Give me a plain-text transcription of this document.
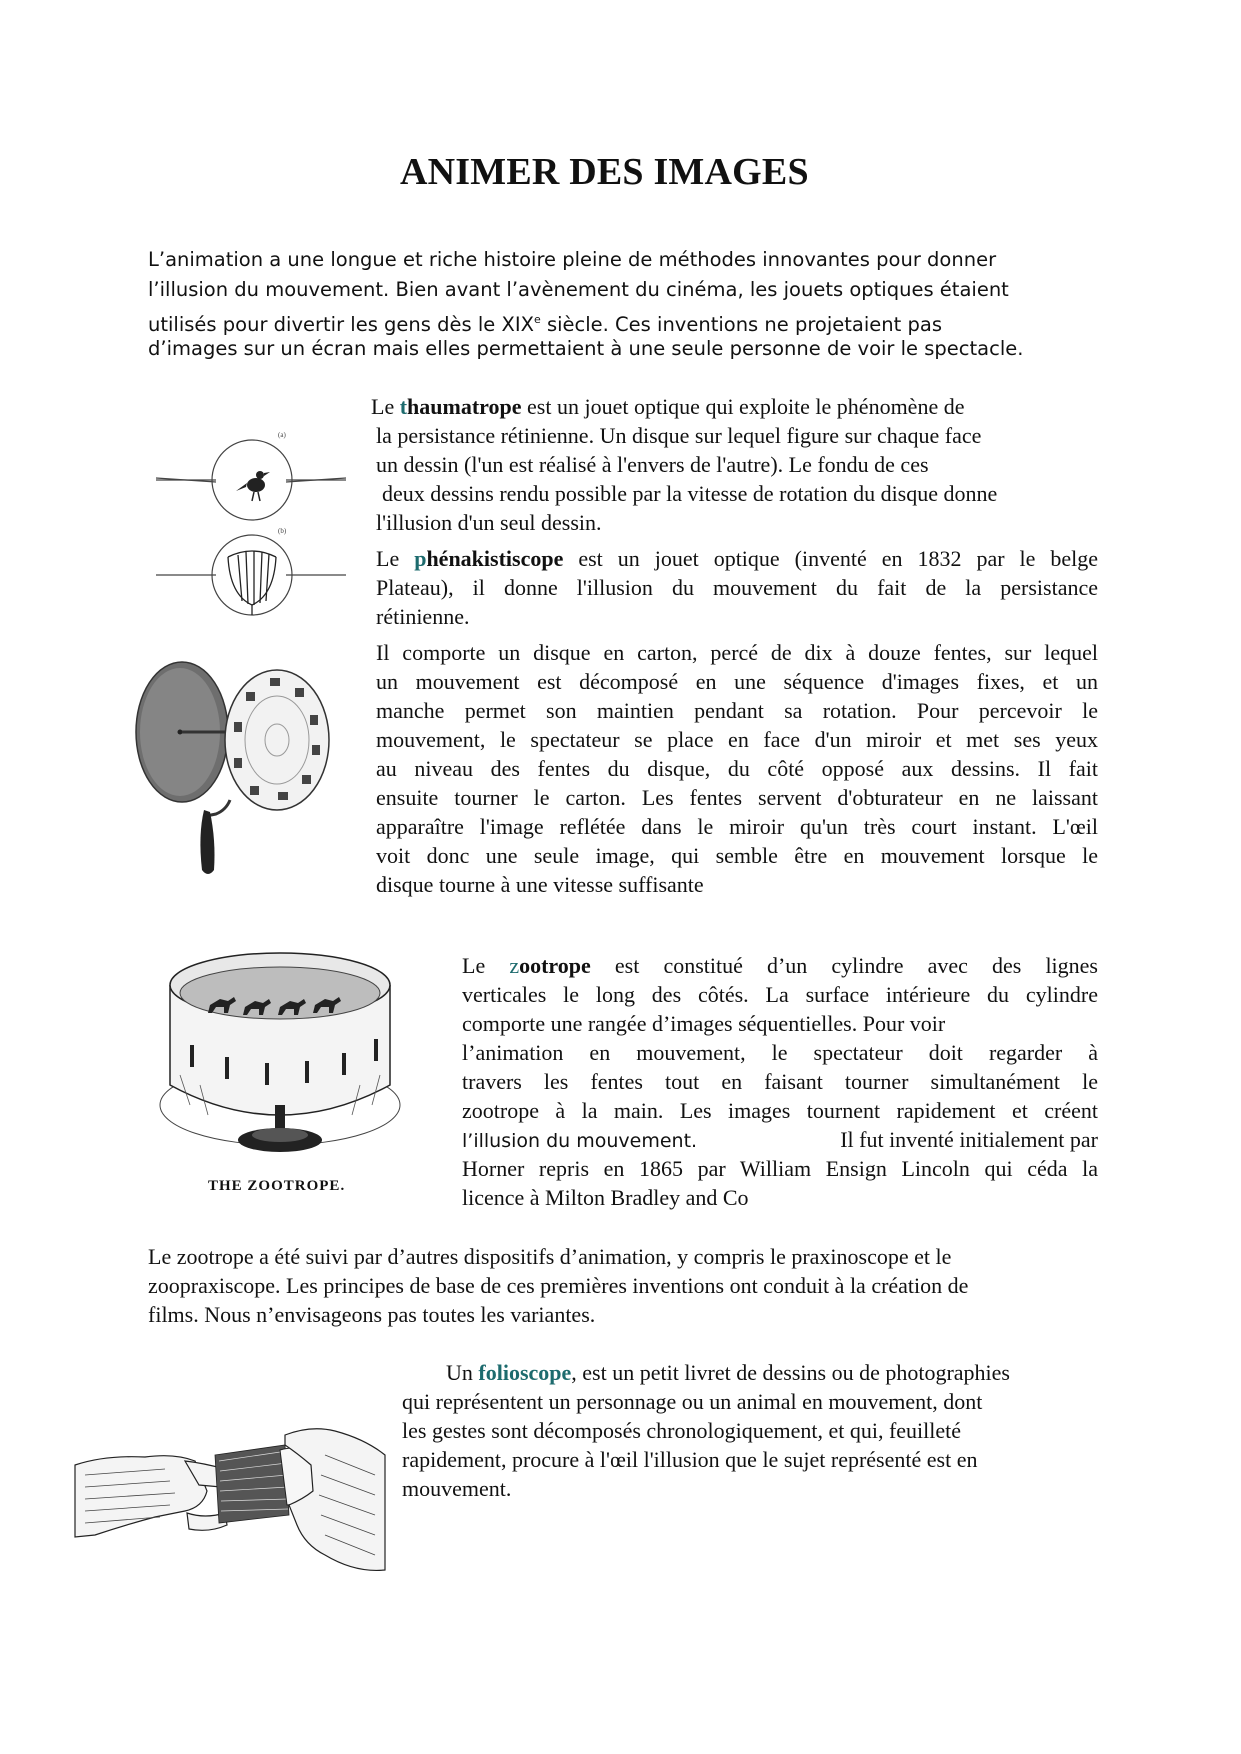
ANIMER DES IMAGES
L’animation a une longue et riche histoire pleine de méthodes innovantes pour donner
l’illusion du mouvement. Bien avant l’avènement du cinéma, les jouets optiques étaient
utilisés pour divertir les gens dès le XIXe siècle. Ces inventions ne projetaient pas
d’images sur un écran mais elles permettaient à une seule personne de voir le spectacle.
(a)
(b)
Le thaumatrope est un jouet optique qui exploite le phénomène de
la persistance rétinienne. Un disque sur lequel figure sur chaque face
un dessin (l'un est réalisé à l'envers de l'autre). Le fondu de ces
deux dessins rendu possible par la vitesse de rotation du disque donne
l'illusion d'un seul dessin.
Le phénakistiscope est un jouet optique (inventé en 1832 par le belge
Plateau), il donne l'illusion du mouvement du fait de la persistance
rétinienne.
Il comporte un disque en carton, percé de dix à douze fentes, sur lequel
un mouvement est décomposé en une séquence d'images fixes, et un
manche permet son maintien pendant sa rotation. Pour percevoir le
mouvement, le spectateur se place en face d'un miroir et met ses yeux
au niveau des fentes du disque, du côté opposé aux dessins. Il fait
ensuite tourner le carton. Les fentes servent d'obturateur en ne laissant
apparaître l'image reflétée dans le miroir qu'un très court instant. L'œil
voit donc une seule image, qui semble être en mouvement lorsque le
disque tourne à une vitesse suffisante
THE ZOOTROPE.
Le zootrope est constitué d’un cylindre avec des lignes
verticales le long des côtés. La surface intérieure du cylindre
comporte une rangée d’images séquentielles. Pour voir
l’animation en mouvement, le spectateur doit regarder à
travers les fentes tout en faisant tourner simultanément le
zootrope à la main. Les images tournent rapidement et créent
l’illusion du mouvement.	Il fut inventé initialement par
Horner repris en 1865 par William Ensign Lincoln qui céda la
licence à Milton Bradley and Co
Le zootrope a été suivi par d’autres dispositifs d’animation, y compris le praxinoscope et le
zoopraxiscope. Les principes de base de ces premières inventions ont conduit à la création de
films. Nous n’envisageons pas toutes les variantes.
Un folioscope, est un petit livret de dessins ou de photographies
qui représentent un personnage ou un animal en mouvement, dont
les gestes sont décomposés chronologiquement, et qui, feuilleté
rapidement, procure à l'œil l'illusion que le sujet représenté est en
mouvement.
